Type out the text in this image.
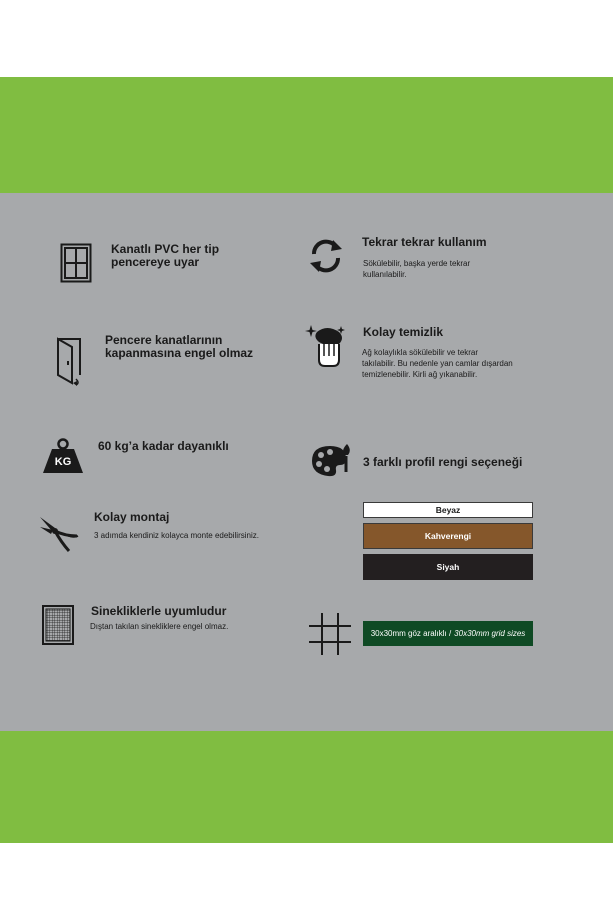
Kanatlı PVC her tip
pencereye uyar
Tekrar tekrar kullanım
Sökülebilir, başka yerde tekrar
kullanılabilir.
Pencere kanatlarının
kapanmasına engel olmaz
Kolay temizlik
Ağ kolaylıkla sökülebilir ve tekrar
takılabilir. Bu nedenle yan camlar dışardan
temizlenebilir. Kirli ağ yıkanabilir.
KG
60 kg’a kadar dayanıklı
3 farklı profil rengi seçeneği
Beyaz
Kahverengi
Siyah
Kolay montaj
3 adımda kendiniz kolayca monte edebilirsiniz.
Sinekliklerle uyumludur
Dıştan takılan sinekliklere engel olmaz.
30x30mm göz aralıklı / 30x30mm grid sizes
